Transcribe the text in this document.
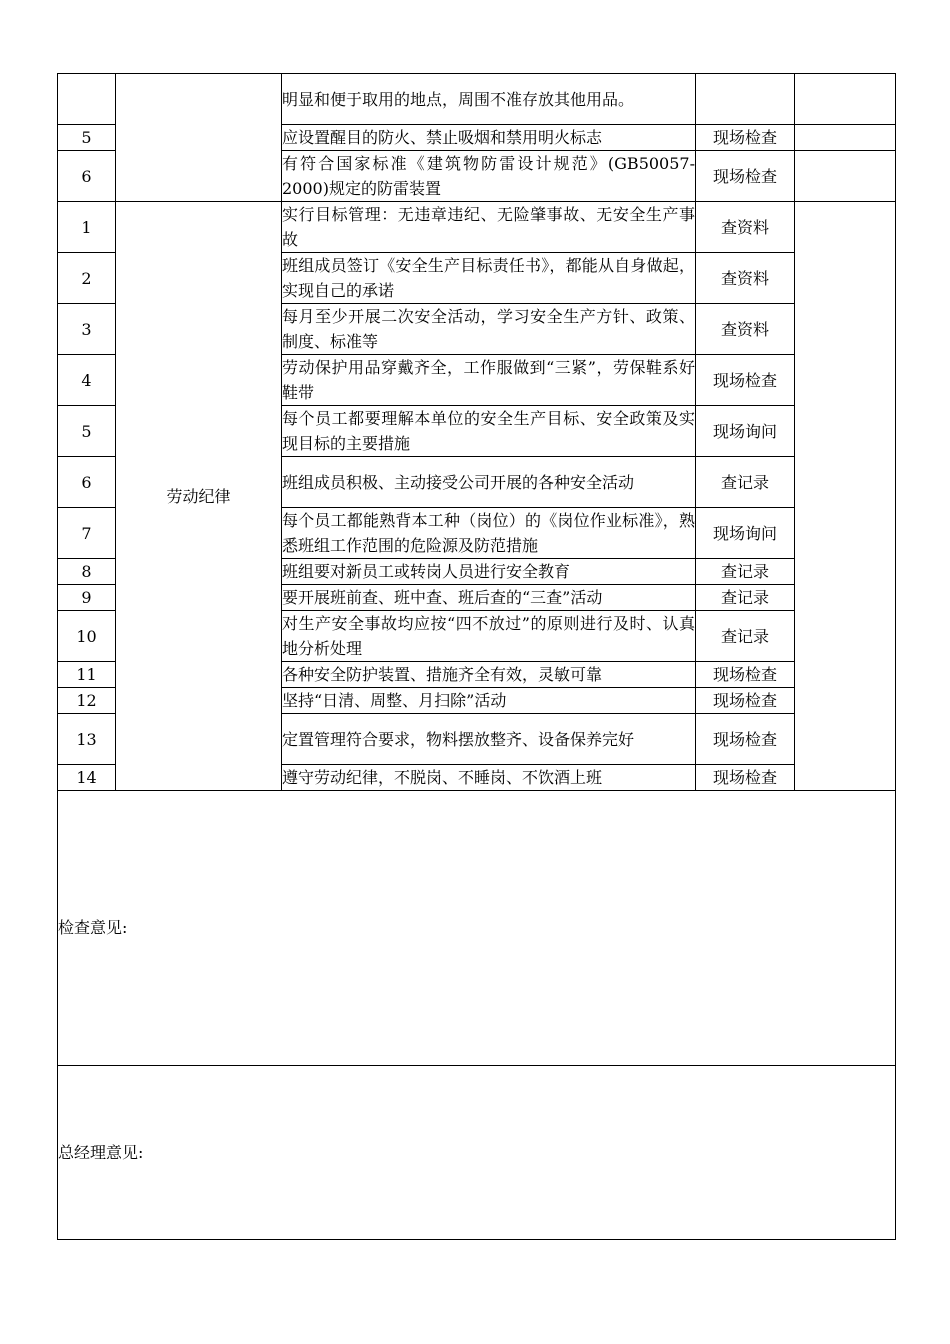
		明显和便于取用的地点，周围不准存放其他用品。		
5		应设置醒目的防火、禁止吸烟和禁用明火标志	现场检查	
6		有符合国家标准《建筑物防雷设计规范》(GB50057-2000)规定的防雷装置	现场检查	
1	劳动纪律	实行目标管理：无违章违纪、无险肇事故、无安全生产事故	查资料	
2		班组成员签订《安全生产目标责任书》，都能从自身做起，实现自己的承诺	查资料	
3		每月至少开展二次安全活动，学习安全生产方针、政策、制度、标准等	查资料	
4		劳动保护用品穿戴齐全，工作服做到“三紧”，劳保鞋系好鞋带	现场检查	
5		每个员工都要理解本单位的安全生产目标、安全政策及实现目标的主要措施	现场询问	
6		班组成员积极、主动接受公司开展的各种安全活动	查记录	
7		每个员工都能熟背本工种（岗位）的《岗位作业标准》，熟悉班组工作范围的危险源及防范措施	现场询问	
8		班组要对新员工或转岗人员进行安全教育	查记录	
9		要开展班前查、班中查、班后查的“三查”活动	查记录	
10		对生产安全事故均应按“四不放过”的原则进行及时、认真地分析处理	查记录	
11		各种安全防护装置、措施齐全有效，灵敏可靠	现场检查	
12		坚持“日清、周整、月扫除”活动	现场检查	
13		定置管理符合要求，物料摆放整齐、设备保养完好	现场检查	
14		遵守劳动纪律，不脱岗、不睡岗、不饮酒上班	现场检查	

检查意见:				

总经理意见:				
